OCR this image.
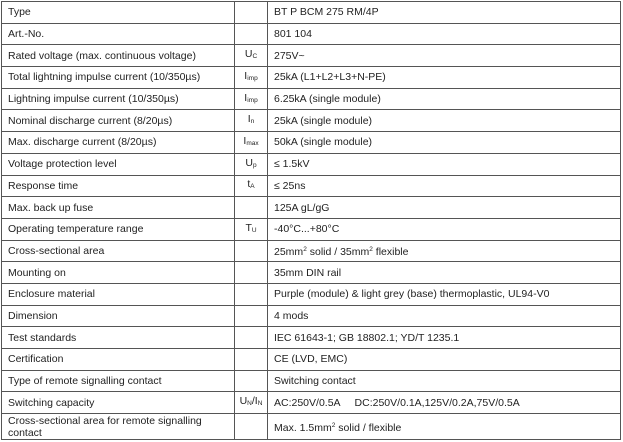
Type		BT P BCM 275 RM/4P
Art.-No.		801 104
Rated voltage (max. continuous voltage)	UC	275V~
Total lightning impulse current (10/350µs)	Iimp	25kA (L1+L2+L3+N-PE)
Lightning impulse current (10/350µs)	Iimp	6.25kA (single module)
Nominal discharge current (8/20µs)	In	25kA (single module)
Max. discharge current (8/20µs)	Imax	50kA (single module)
Voltage protection level	Up	≤ 1.5kV
Response time	tA	≤ 25ns
Max. back up fuse		125A gL/gG
Operating temperature range	TU	-40°C...+80°C
Cross-sectional area		$25mm^2$ solid / $35mm^2$ flexible
Mounting on		35mm DIN rail
Enclosure material		Purple (module) & light grey (base) thermoplastic, UL94-V0
Dimension		4 mods
Test standards		IEC 61643-1; GB 18802.1; YD/T 1235.1
Certification		CE (LVD, EMC)
Type of remote signalling contact		Switching contact
Switching capacity	UN/IN	AC:250V/0.5A     DC:250V/0.1A,125V/0.2A,75V/0.5A
Cross-sectional area for remote signalling contact		Max. $1.5mm^2$ solid / flexible
